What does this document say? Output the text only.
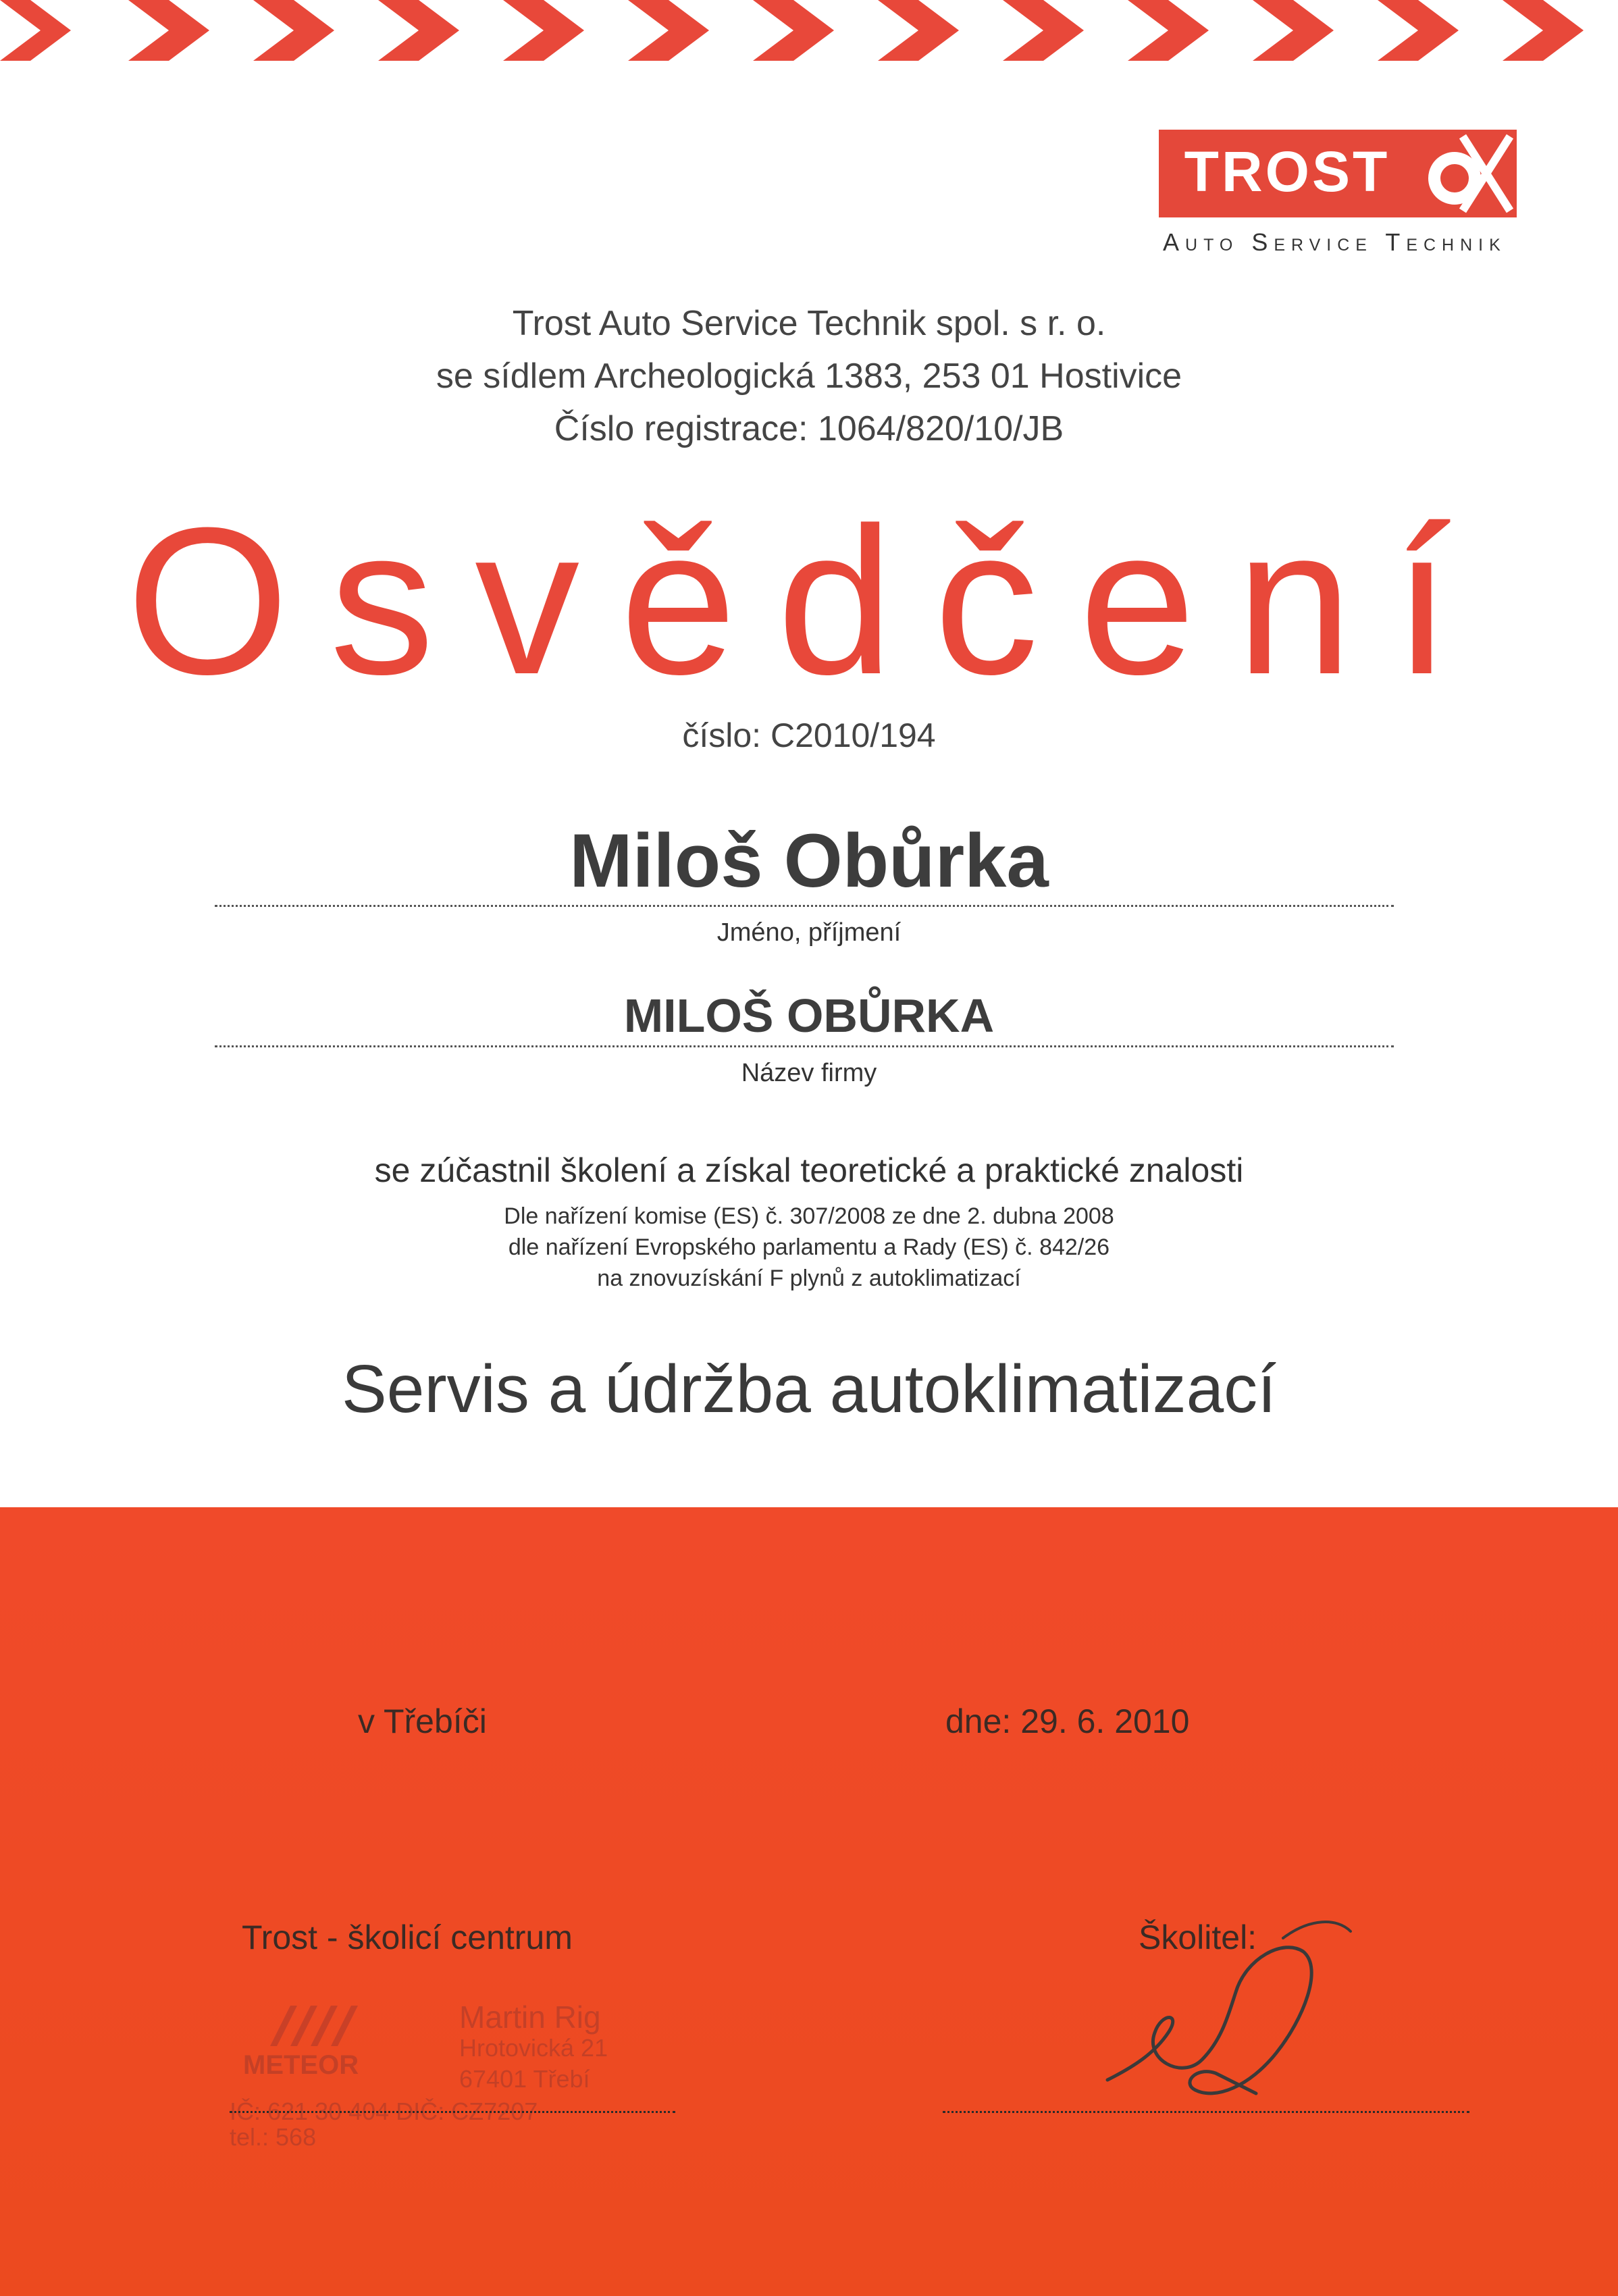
TROST
Auto Service Technik
Trost Auto Service Technik spol. s r. o.
se sídlem Archeologická 1383, 253 01 Hostivice
Číslo registrace: 1064/820/10/JB
Osvědčení
číslo: C2010/194
Miloš Obůrka
Jméno, příjmení
MILOŠ OBŮRKA
Název firmy
se zúčastnil školení a získal teoretické a praktické znalosti
Dle nařízení komise (ES) č. 307/2008 ze dne 2. dubna 2008
dle nařízení Evropského parlamentu a Rady (ES) č. 842/26
na znovuzískání F plynů z autoklimatizací
Servis a údržba autoklimatizací
v Třebíči	dne: 29. 6. 2010
Trost - školicí centrum	Školitel:
METEOR
Martin Rig
Hrotovická 21
67401 Třebí
IČ: 621 30 404 DIČ: CZ7207
tel.: 568
